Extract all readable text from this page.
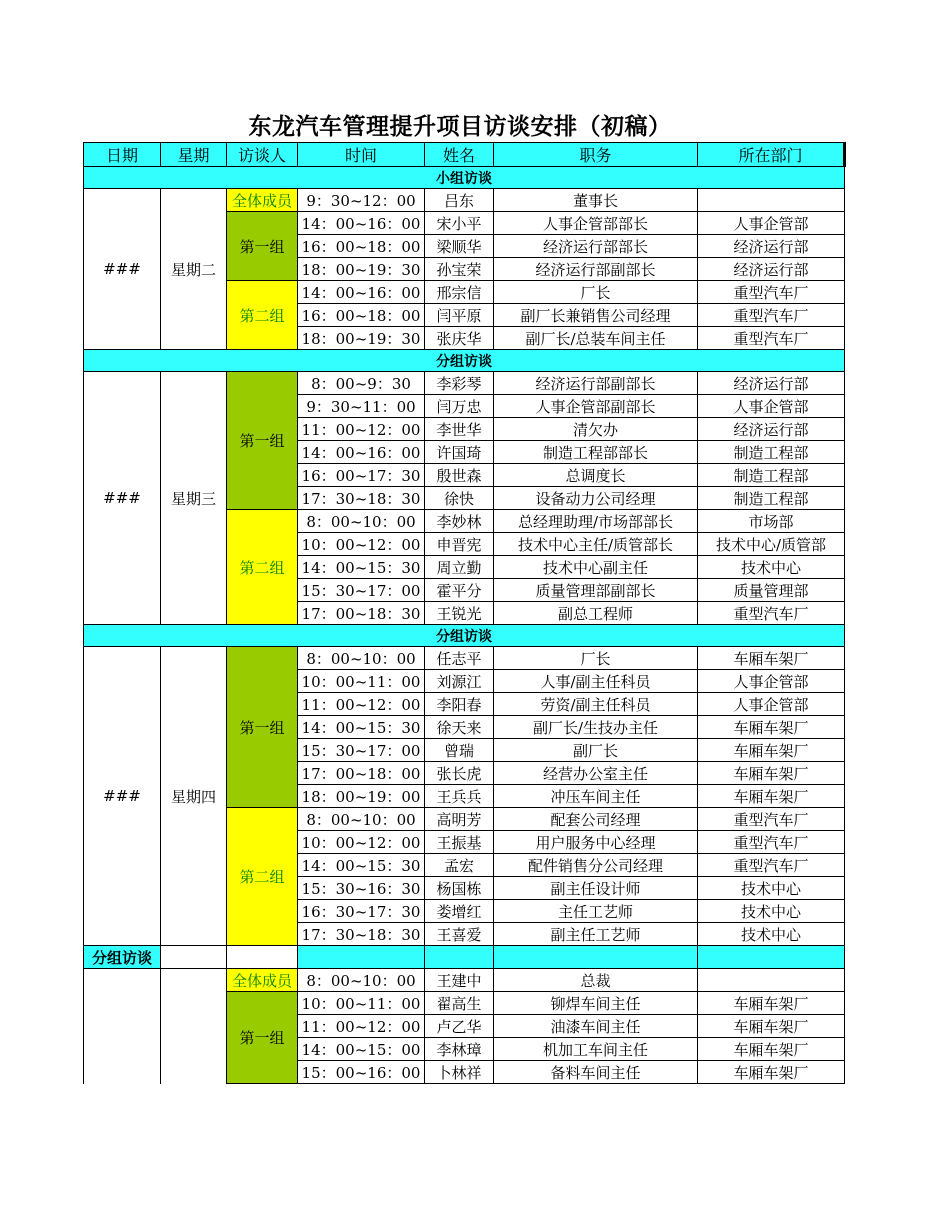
东龙汽车管理提升项目访谈安排（初稿）
日期	星期	访谈人	时间	姓名	职务	所在部门
小组访谈						
###	星期二	全体成员	9：30~12：00	吕东	董事长	
		第一组	14：00~16：00	宋小平	人事企管部部长	人事企管部
			16：00~18：00	梁顺华	经济运行部部长	经济运行部
			18：00~19：30	孙宝荣	经济运行部副部长	经济运行部
		第二组	14：00~16：00	邢宗信	厂长	重型汽车厂
			16：00~18：00	闫平原	副厂长兼销售公司经理	重型汽车厂
			18：00~19：30	张庆华	副厂长/总装车间主任	重型汽车厂
分组访谈						
###	星期三	第一组	8：00~9：30	李彩琴	经济运行部副部长	经济运行部
			9：30~11：00	闫万忠	人事企管部副部长	人事企管部
			11：00~12：00	李世华	清欠办	经济运行部
			14：00~16：00	许国琦	制造工程部部长	制造工程部
			16：00~17：30	殷世森	总调度长	制造工程部
			17：30~18：30	徐快	设备动力公司经理	制造工程部
		第二组	8：00~10：00	李妙林	总经理助理/市场部部长	市场部
			10：00~12：00	申晋宪	技术中心主任/质管部长	技术中心/质管部
			14：00~15：30	周立勤	技术中心副主任	技术中心
			15：30~17：00	霍平分	质量管理部副部长	质量管理部
			17：00~18：30	王锐光	副总工程师	重型汽车厂
分组访谈						
###	星期四	第一组	8：00~10：00	任志平	厂长	车厢车架厂
			10：00~11：00	刘源江	人事/副主任科员	人事企管部
			11：00~12：00	李阳春	劳资/副主任科员	人事企管部
			14：00~15：30	徐天来	副厂长/生技办主任	车厢车架厂
			15：30~17：00	曾瑞	副厂长	车厢车架厂
			17：00~18：00	张长虎	经营办公室主任	车厢车架厂
			18：00~19：00	王兵兵	冲压车间主任	车厢车架厂
		第二组	8：00~10：00	高明芳	配套公司经理	重型汽车厂
			10：00~12：00	王振基	用户服务中心经理	重型汽车厂
			14：00~15：30	孟宏	配件销售分公司经理	重型汽车厂
			15：30~16：30	杨国栋	副主任设计师	技术中心
			16：30~17：30	娄增红	主任工艺师	技术中心
			17：30~18：30	王喜爱	副主任工艺师	技术中心
分组访谈						
		全体成员	8：00~10：00	王建中	总裁	
		第一组	10：00~11：00	翟高生	铆焊车间主任	车厢车架厂
			11：00~12：00	卢乙华	油漆车间主任	车厢车架厂
			14：00~15：00	李林璋	机加工车间主任	车厢车架厂
			15：00~16：00	卜林祥	备料车间主任	车厢车架厂
